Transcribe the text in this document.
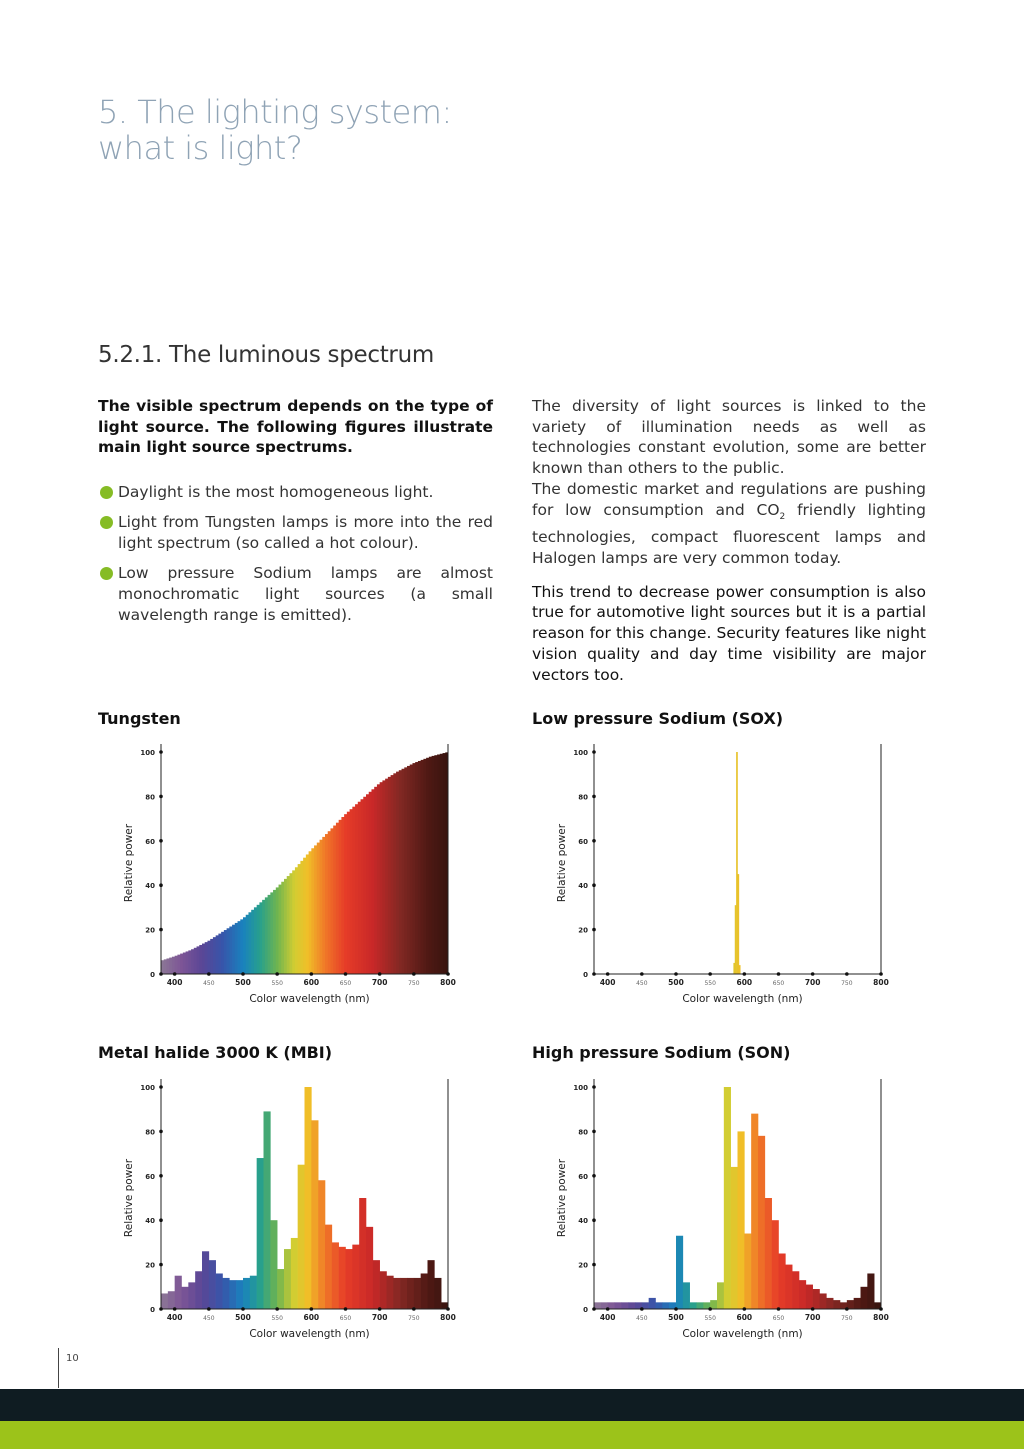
5. The lighting system:
what is light?
5.2.1. The luminous spectrum
The visible spectrum depends on the type of light source. The following figures illustrate main light source spectrums.
Daylight is the most homogeneous light.
Light from Tungsten lamps is more into the red light spectrum (so called a hot colour).
Low pressure Sodium lamps are almost monochromatic light sources (a small wavelength range is emitted).

The diversity of light sources is linked to the variety of illumination needs as well as technologies constant evolution, some are better known than others to the public.

The domestic market and regulations are pushing for low consumption and $CO_2$ friendly lighting technologies, compact fluorescent lamps and Halogen lamps are very common today.

This trend to decrease power consumption is also true for automotive light sources but it is a partial reason for this change. Security features like night vision quality and day time visibility are major vectors too.

Tungsten	Low pressure Sodium (SOX)
Metal halide 3000 K (MBI)	High pressure Sodium (SON)
0
20
40
60
80
100
400	450	500	550	600	650	700	750	800
Color wavelength (nm)
Relative power
0
20
40
60
80
100
400	450	500	550	600	650	700	750	800
Color wavelength (nm)
Relative power
0
20
40
60
80
100
400	450	500	550	600	650	700	750	800
Color wavelength (nm)
Relative power
0
20
40
60
80
100
400	450	500	550	600	650	700	750	800
Color wavelength (nm)
Relative power
10
